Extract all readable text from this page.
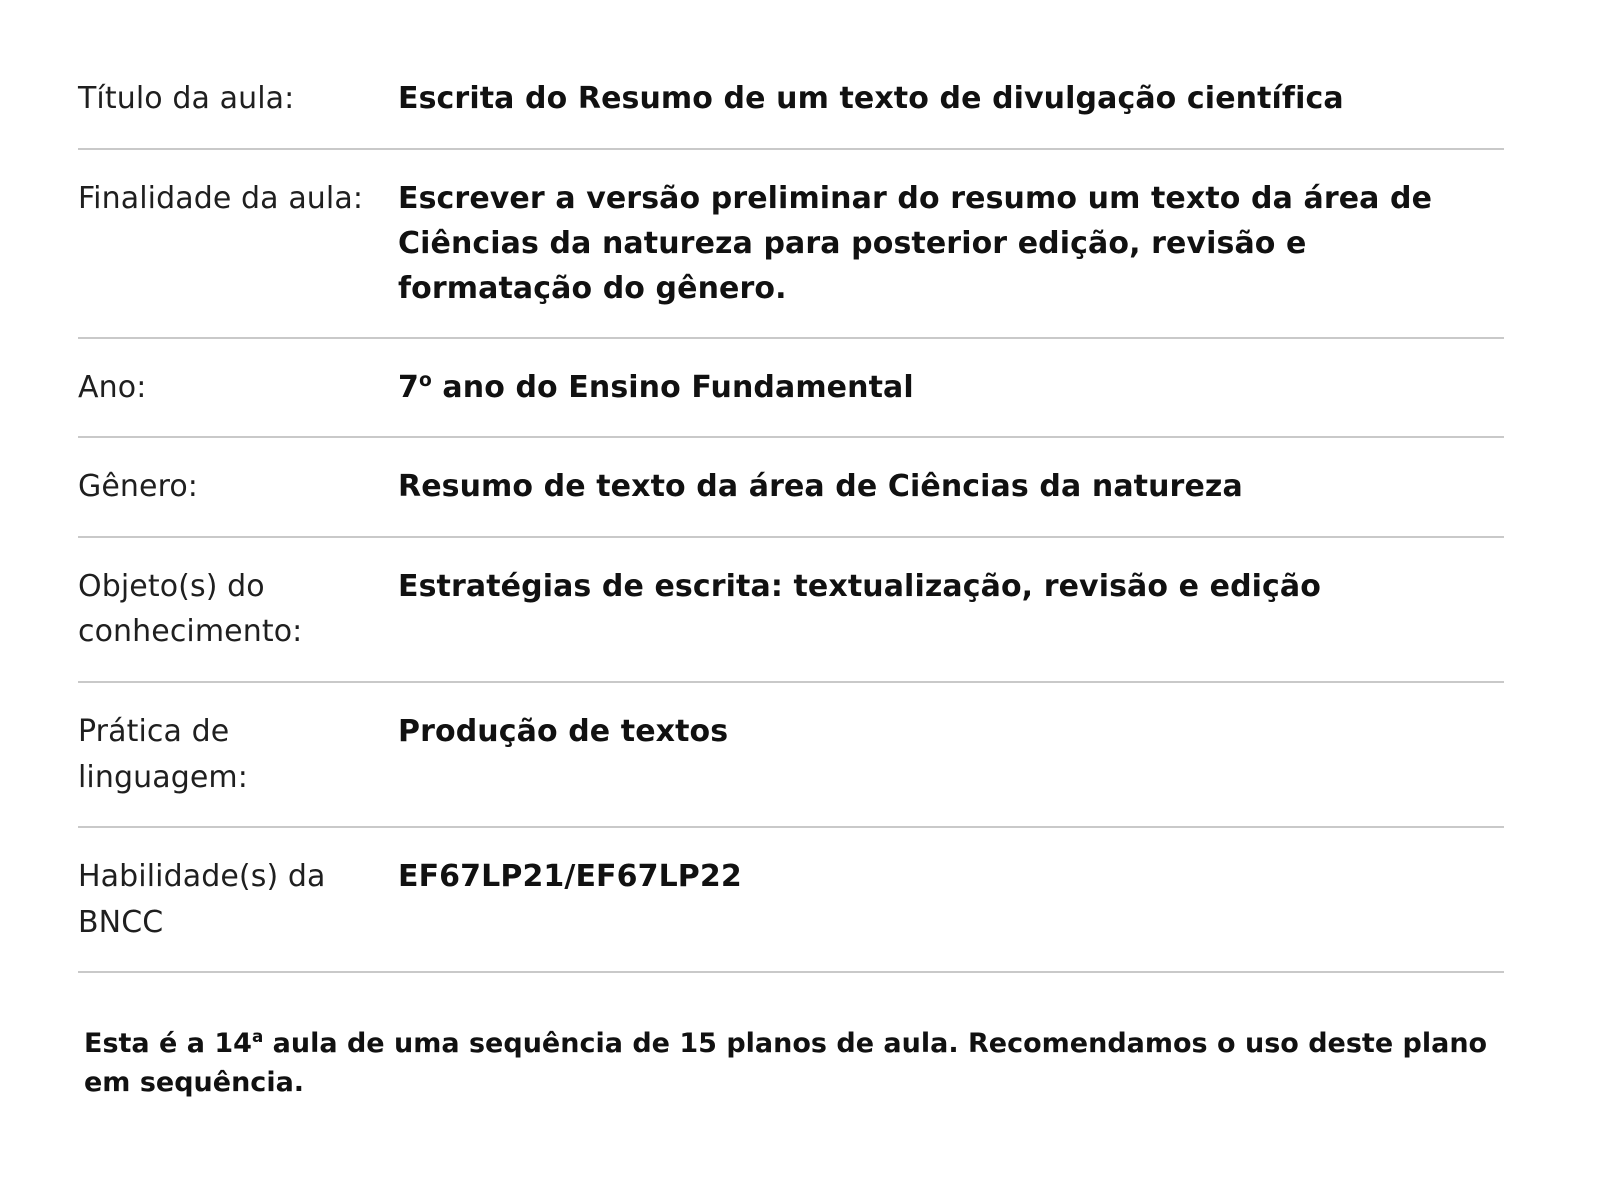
Título da aula:	Escrita do Resumo de um texto de divulgação científica

Finalidade da aula:	Escrever a versão preliminar do resumo um texto da área de
Ciências da natureza para posterior edição, revisão e
formatação do gênero.

Ano:	7$^o$ ano do Ensino Fundamental

Gênero:	Resumo de texto da área de Ciências da natureza

Objeto(s) do conhecimento:	Estratégias de escrita: textualização, revisão e edição

Prática de linguagem:	Produção de textos

Habilidade(s) da BNCC	EF67LP21/EF67LP22

Esta é a 14$^a$ aula de uma sequência de 15 planos de aula. Recomendamos o uso deste plano em sequência.	
